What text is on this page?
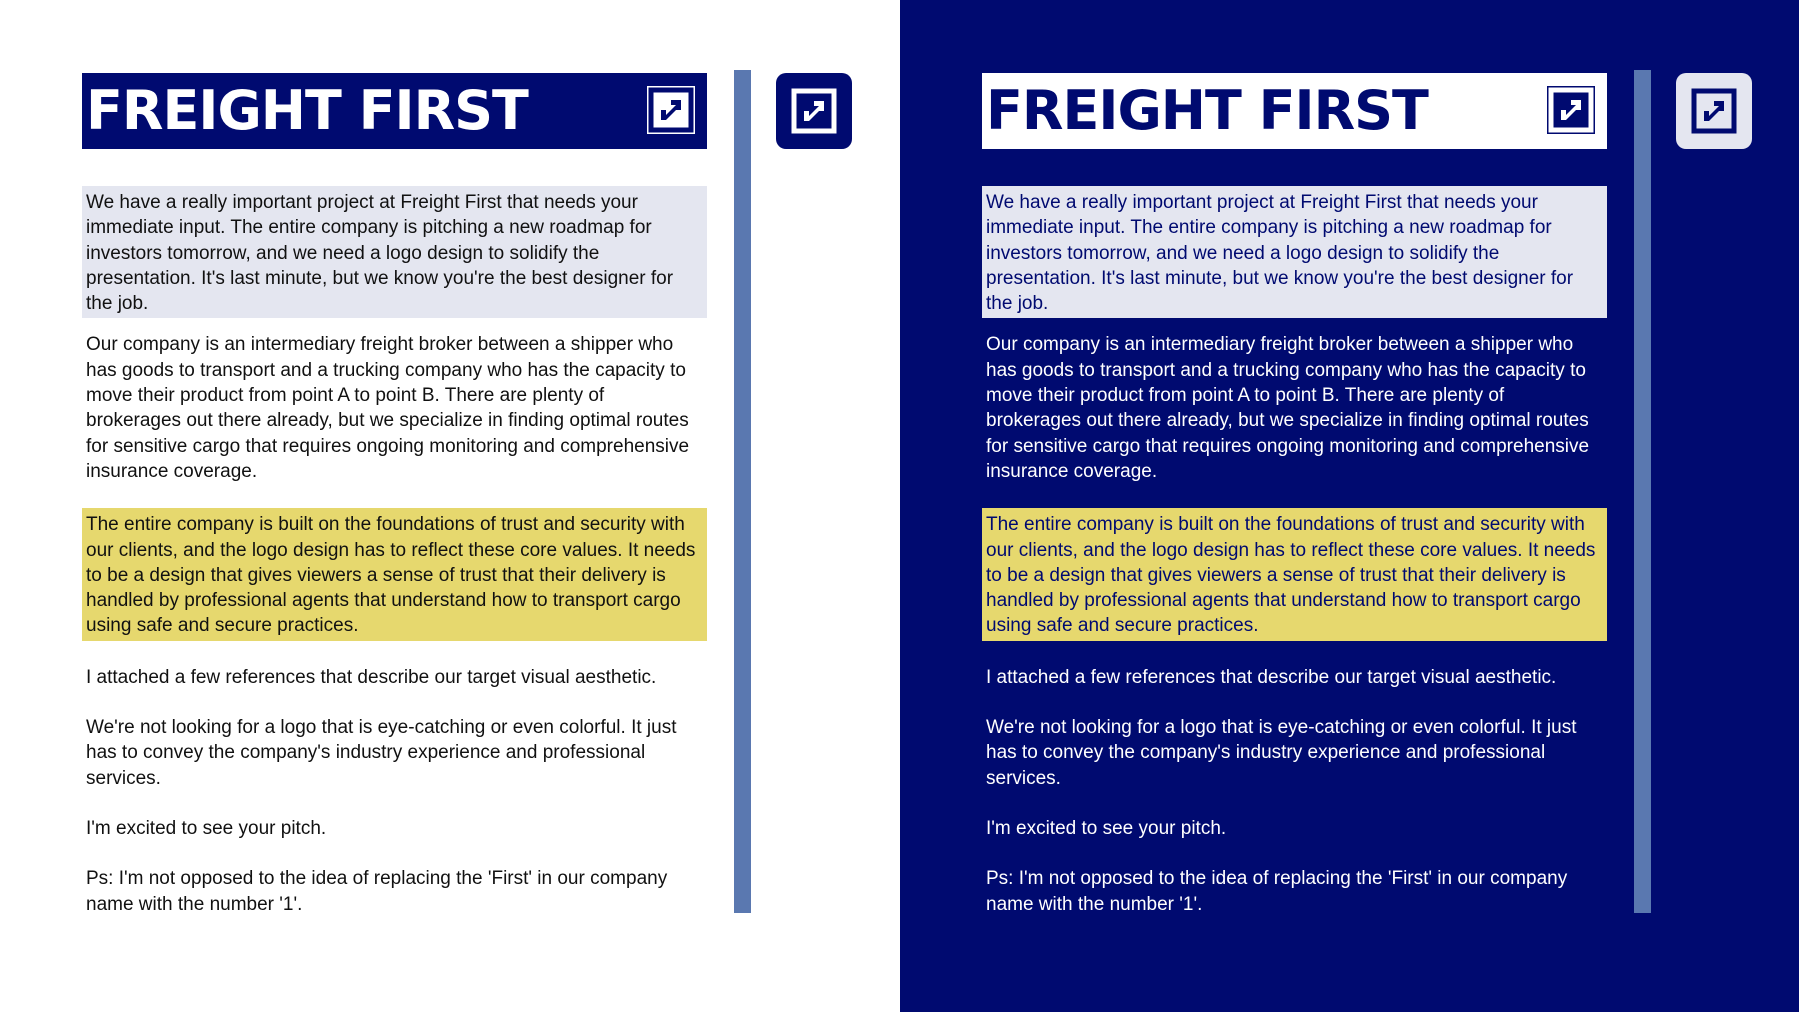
FREIGHT FIRST

We have a really important project at Freight First that needs your immediate input. The entire company is pitching a new roadmap for investors tomorrow, and we need a logo design to solidify the presentation. It's last minute, but we know you're the best designer for the job.

Our company is an intermediary freight broker between a shipper who has goods to transport and a trucking company who has the capacity to move their product from point A to point B. There are plenty of brokerages out there already, but we specialize in finding optimal routes for sensitive cargo that requires ongoing monitoring and comprehensive insurance coverage.

The entire company is built on the foundations of trust and security with our clients, and the logo design has to reflect these core values. It needs to be a design that gives viewers a sense of trust that their delivery is handled by professional agents that understand how to transport cargo using safe and secure practices.

I attached a few references that describe our target visual aesthetic.

We're not looking for a logo that is eye-catching or even colorful. It just has to convey the company's industry experience and professional services.

I'm excited to see your pitch.

Ps: I'm not opposed to the idea of replacing the 'First' in our company name with the number '1'.

FREIGHT FIRST

We have a really important project at Freight First that needs your immediate input. The entire company is pitching a new roadmap for investors tomorrow, and we need a logo design to solidify the presentation. It's last minute, but we know you're the best designer for the job.

Our company is an intermediary freight broker between a shipper who has goods to transport and a trucking company who has the capacity to move their product from point A to point B. There are plenty of brokerages out there already, but we specialize in finding optimal routes for sensitive cargo that requires ongoing monitoring and comprehensive insurance coverage.

The entire company is built on the foundations of trust and security with our clients, and the logo design has to reflect these core values. It needs to be a design that gives viewers a sense of trust that their delivery is handled by professional agents that understand how to transport cargo using safe and secure practices.

I attached a few references that describe our target visual aesthetic.

We're not looking for a logo that is eye-catching or even colorful. It just has to convey the company's industry experience and professional services.

I'm excited to see your pitch.

Ps: I'm not opposed to the idea of replacing the 'First' in our company name with the number '1'.
